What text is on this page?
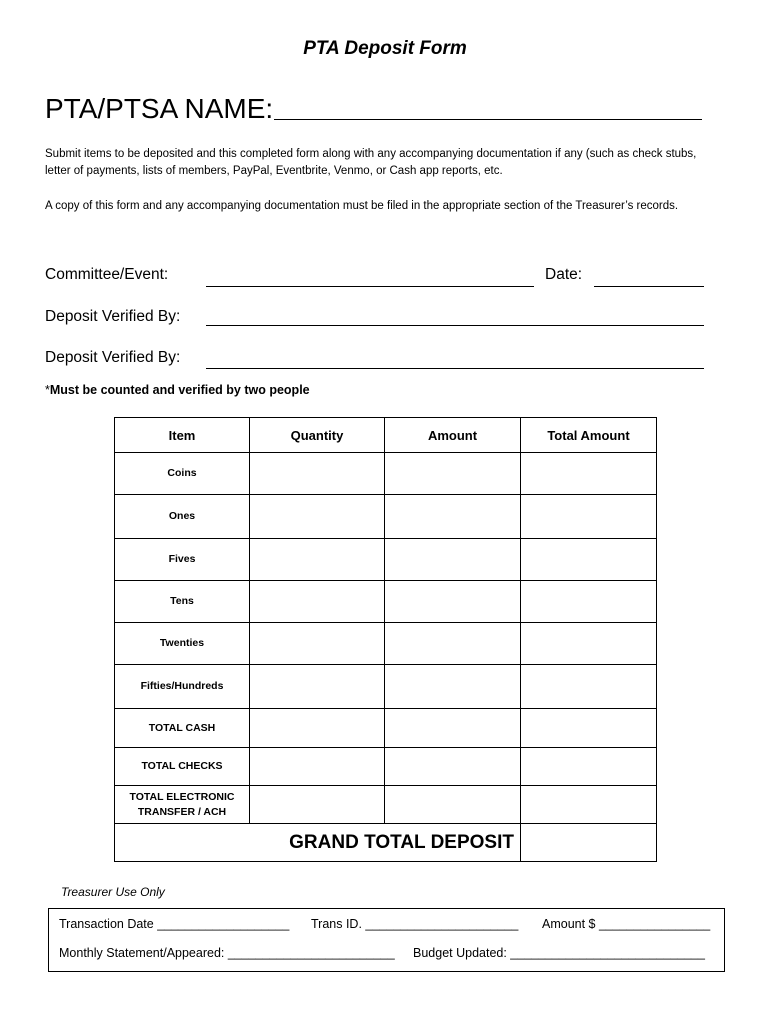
PTA Deposit Form
PTA/PTSA NAME:
Submit items to be deposited and this completed form along with any accompanying documentation if any (such as check stubs, letter of payments, lists of members, PayPal, Eventbrite, Venmo, or Cash app reports, etc.
A copy of this form and any accompanying documentation must be filed in the appropriate section of the Treasurer’s records.
Committee/Event:	Date:
Deposit Verified By:
Deposit Verified By:
*Must be counted and verified by two people
Item	Quantity	Amount	Total Amount
Coins			
Ones			
Fives			
Tens			
Twenties			
Fifties/Hundreds			
TOTAL CASH			
TOTAL CHECKS			
TOTAL ELECTRONIC TRANSFER / ACH			
	GRAND TOTAL DEPOSIT		
Treasurer Use Only
Transaction Date ___________________ Trans ID. ______________________ Amount $ ________________
Monthly Statement/Appeared: ________________________ Budget Updated: ____________________________
